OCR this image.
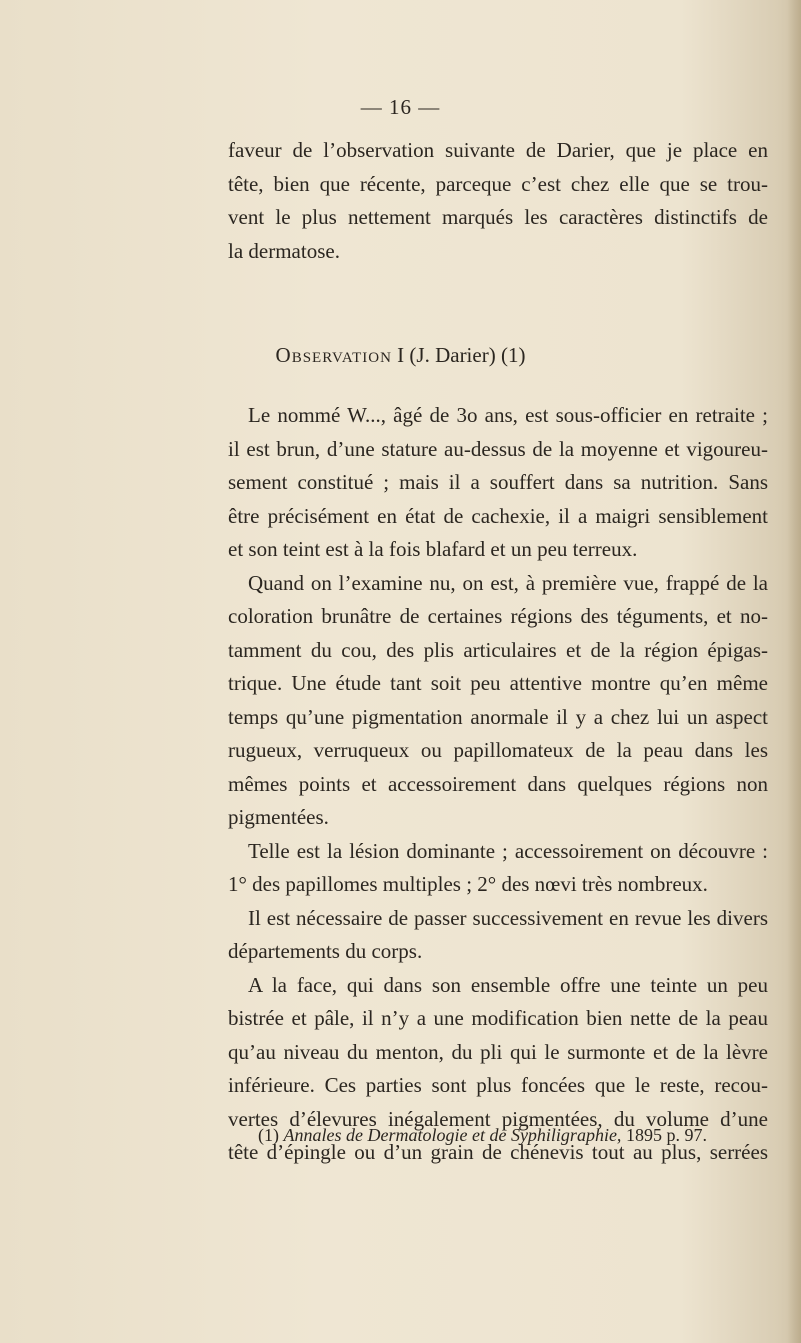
— 16 —
faveur de l’observation suivante de Darier, que je place en
tête, bien que récente, parceque c’est chez elle que se trou-
vent le plus nettement marqués les caractères distinctifs de
la dermatose.
Observation I (J. Darier) (1)
Le nommé W..., âgé de 3o ans, est sous-officier en retraite ;
il est brun, d’une stature au-dessus de la moyenne et vigoureu-
sement constitué ; mais il a souffert dans sa nutrition. Sans
être précisément en état de cachexie, il a maigri sensiblement
et son teint est à la fois blafard et un peu terreux.
Quand on l’examine nu, on est, à première vue, frappé de la
coloration brunâtre de certaines régions des téguments, et no-
tamment du cou, des plis articulaires et de la région épigas-
trique. Une étude tant soit peu attentive montre qu’en même
temps qu’une pigmentation anormale il y a chez lui un aspect
rugueux, verruqueux ou papillomateux de la peau dans les
mêmes points et accessoirement dans quelques régions non
pigmentées.
Telle est la lésion dominante ; accessoirement on découvre :
1° des papillomes multiples ; 2° des nœvi très nombreux.
Il est nécessaire de passer successivement en revue les divers
départements du corps.
A la face, qui dans son ensemble offre une teinte un peu
bistrée et pâle, il n’y a une modification bien nette de la peau
qu’au niveau du menton, du pli qui le surmonte et de la lèvre
inférieure. Ces parties sont plus foncées que le reste, recou-
vertes d’élevures inégalement pigmentées, du volume d’une
tête d’épingle ou d’un grain de chénevis tout au plus, serrées
(1) Annales de Dermatologie et de Syphiligraphie, 1895 p. 97.
